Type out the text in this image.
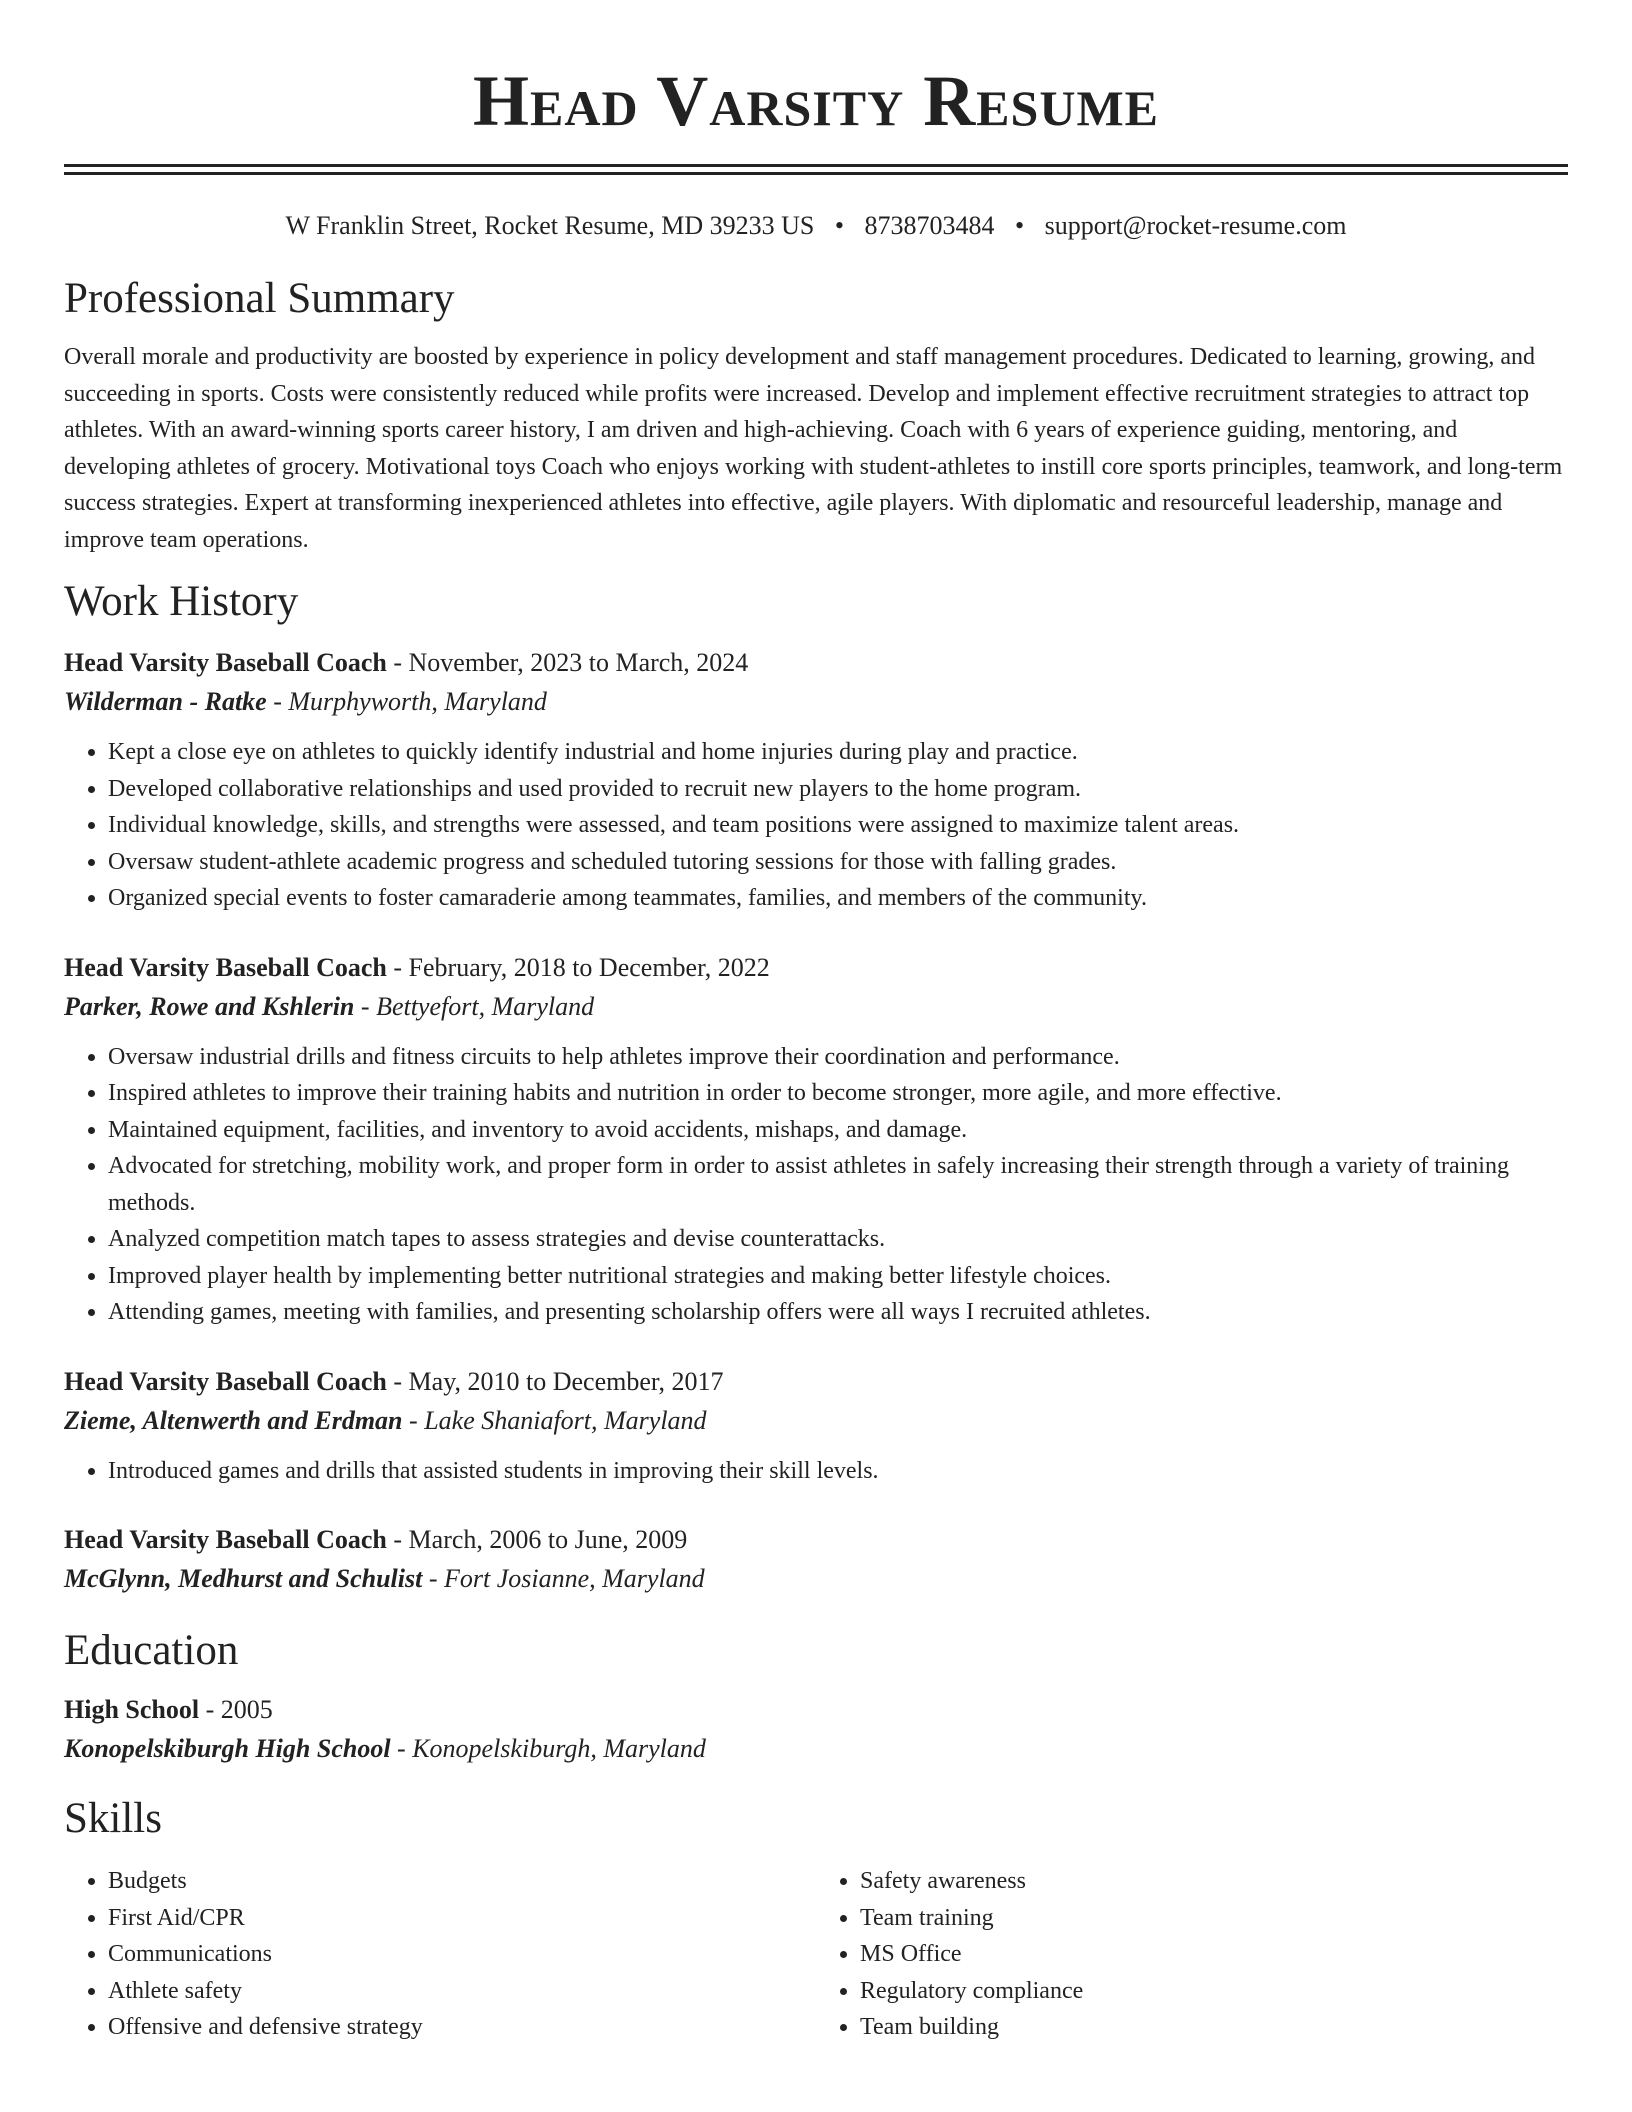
Head Varsity Resume
W Franklin Street, Rocket Resume, MD 39233 US • 8738703484 • support@rocket-resume.com
Professional Summary

Overall morale and productivity are boosted by experience in policy development and staff management procedures. Dedicated to learning, growing, and succeeding in sports. Costs were consistently reduced while profits were increased. Develop and implement effective recruitment strategies to attract top athletes. With an award-winning sports career history, I am driven and high-achieving. Coach with 6 years of experience guiding, mentoring, and developing athletes of grocery. Motivational toys Coach who enjoys working with student-athletes to instill core sports principles, teamwork, and long-term success strategies. Expert at transforming inexperienced athletes into effective, agile players. With diplomatic and resourceful leadership, manage and improve team operations.

Work History
Head Varsity Baseball Coach - November, 2023 to March, 2024
Wilderman - Ratke - Murphyworth, Maryland
• Kept a close eye on athletes to quickly identify industrial and home injuries during play and practice.
• Developed collaborative relationships and used provided to recruit new players to the home program.
• Individual knowledge, skills, and strengths were assessed, and team positions were assigned to maximize talent areas.
• Oversaw student-athlete academic progress and scheduled tutoring sessions for those with falling grades.
• Organized special events to foster camaraderie among teammates, families, and members of the community.
Head Varsity Baseball Coach - February, 2018 to December, 2022
Parker, Rowe and Kshlerin - Bettyefort, Maryland
• Oversaw industrial drills and fitness circuits to help athletes improve their coordination and performance.
• Inspired athletes to improve their training habits and nutrition in order to become stronger, more agile, and more effective.
• Maintained equipment, facilities, and inventory to avoid accidents, mishaps, and damage.
• Advocated for stretching, mobility work, and proper form in order to assist athletes in safely increasing their strength through a variety of training methods.
• Analyzed competition match tapes to assess strategies and devise counterattacks.
• Improved player health by implementing better nutritional strategies and making better lifestyle choices.
• Attending games, meeting with families, and presenting scholarship offers were all ways I recruited athletes.
Head Varsity Baseball Coach - May, 2010 to December, 2017
Zieme, Altenwerth and Erdman - Lake Shaniafort, Maryland
• Introduced games and drills that assisted students in improving their skill levels.
Head Varsity Baseball Coach - March, 2006 to June, 2009
McGlynn, Medhurst and Schulist - Fort Josianne, Maryland
Education
High School - 2005
Konopelskiburgh High School - Konopelskiburgh, Maryland
Skills
• Budgets
• First Aid/CPR
• Communications
• Athlete safety
• Offensive and defensive strategy
• Safety awareness
• Team training
• MS Office
• Regulatory compliance
• Team building
